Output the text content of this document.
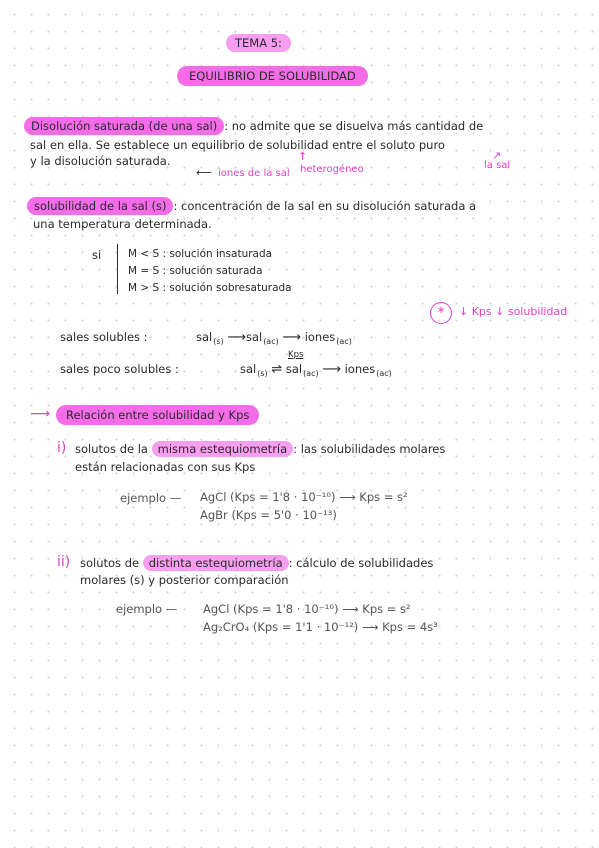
TEMA 5:
EQUILIBRIO DE SOLUBILIDAD
Disolución saturada (de una sal) : no admite que se disuelva más cantidad de
sal en ella. Se establece un equilibrio de solubilidad entre el soluto puro
y la disolución saturada.
⟵ iones de la sal
↑
heterogéneo
↗
la sal
solubilidad de la sal (s) : concentración de la sal en su disolución saturada a
una temperatura determinada.
si	M < S : solución insaturada
M = S : solución saturada
M > S : solución sobresaturada
*	↓ Kps ↓ solubilidad
sales solubles :	sal$_{(s)}$ ⟶sal$_{(ac)}$ ⟶ iones$_{(ac)}$
sales poco solubles :
Kps
sal$_{(s)}$ ⇌ sal$_{(ac)}$ ⟶ iones$_{(ac)}$
⟶	Relación entre solubilidad y Kps
i) solutos de la misma estequiometría : las solubilidades molares
están relacionadas con sus Kps
ejemplo — AgCl (Kps = 1'8 · 10⁻¹⁰) ⟶ Kps = s²
AgBr (Kps = 5'0 · 10⁻¹³)
ii) solutos de distinta estequiometría : cálculo de solubilidades
molares (s) y posterior comparación
ejemplo — AgCl (Kps = 1'8 · 10⁻¹⁰) ⟶ Kps = s²
Ag₂CrO₄ (Kps = 1'1 · 10⁻¹²) ⟶ Kps = 4s³
